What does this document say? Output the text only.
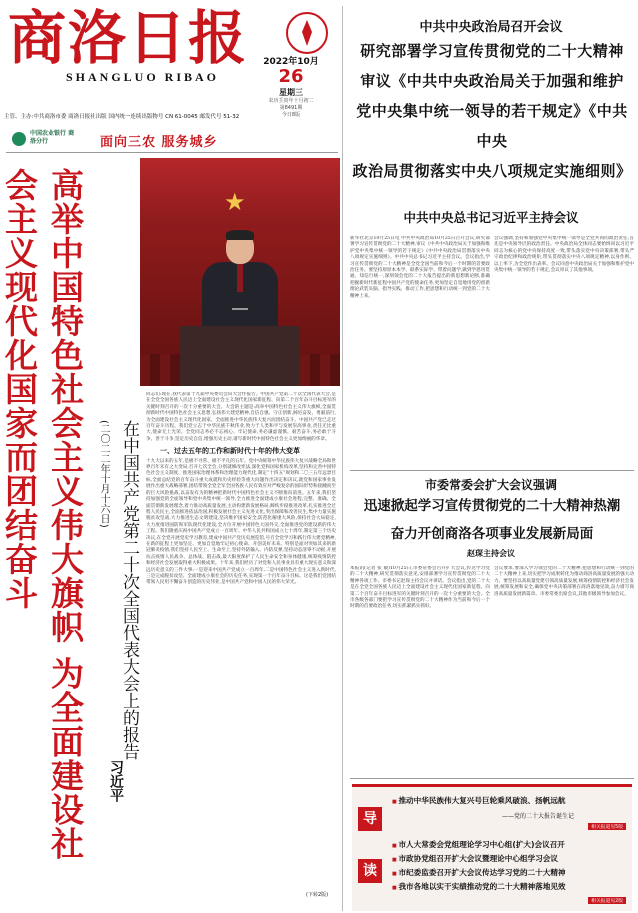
商洛日报
SHANGLUO RIBAO
2022年10月
26
星期三
农历壬寅年十月初二
第8491期
今日8版
主管、主办:中共商洛市委 商洛日报社出版 国内统一连续出版物号 CN 61-0045 邮发代号 51-32
中国农业银行 商洛分行	面向三农 服务城乡
高举中国特色社会主义伟大旗帜 为全面建设社会主义现代化国家而团结奋斗	在中国共产党第二十次全国代表大会上的报告
(二〇二二年十月十六日)
习近平
★
同志们:现在,我代表第十九届中央委员会向大会作报告。中国共产党第二十次全国代表大会,是在全党全国各族人民迈上全面建设社会主义现代化国家新征程、向第二个百年奋斗目标进军的关键时刻召开的一次十分重要的大会。大会的主题是:高举中国特色社会主义伟大旗帜,全面贯彻新时代中国特色社会主义思想,弘扬伟大建党精神,自信自强、守正创新,踔厉奋发、勇毅前行,为全面建设社会主义现代化国家、全面推进中华民族伟大复兴而团结奋斗。中国共产党已走过百年奋斗历程。我们党立志于中华民族千秋伟业,致力于人类和平与发展崇高事业,责任无比重大,使命无上光荣。全党同志务必不忘初心、牢记使命,务必谦虚谨慎、艰苦奋斗,务必敢于斗争、善于斗争,坚定历史自信,增强历史主动,谱写新时代中国特色社会主义更加绚丽的华章。
一、过去五年的工作和新时代十年的伟大变革
十九大以来的五年,是极不寻常、极不平凡的五年。党中央统筹中华民族伟大复兴战略全局和世界百年未有之大变局,召开七次全会,分别就修改宪法,深化党和国家机构改革,坚持和完善中国特色社会主义制度、推进国家治理体系和治理能力现代化,制定“十四五”规划和二〇三五年远景目标,全面总结党的百年奋斗重大成就和历史经验等重大问题作出决定和决议,就党和国家事业发展作出重大战略部署,团结带领全党全军全国各族人民有效应对严峻复杂的国际形势和接踵而至的巨大风险挑战,以奋发有为的精神把新时代中国特色社会主义不断推向前进。五年来,我们坚持加强党的全面领导和党中央集中统一领导,全力推进全面建成小康社会进程,完整、准确、全面贯彻新发展理念,着力推动高质量发展,主动构建新发展格局,蹄疾步稳推进改革,扎实推进全过程人民民主,全面推进依法治国,积极发展社会主义先进文化,突出保障和改善民生,集中力量实施脱贫攻坚战,大力推进生态文明建设,坚决维护国家安全,防范化解重大风险,保持社会大局稳定,大力度推进国防和军队现代化建设,全方位开展中国特色大国外交,全面推进党的建设新的伟大工程。我们隆重庆祝中国共产党成立一百周年、中华人民共和国成立七十周年,制定第三个历史决议,在全党开展党史学习教育,建成中国共产党历史展览馆,号召全党学习和践行伟大建党精神,在新的征程上更加坚定、更加自觉地牢记初心使命、开创美好未来。特别是面对突如其来的新冠肺炎疫情,我们坚持人民至上、生命至上,坚持外防输入、内防反弹,坚持动态清零不动摇,开展抗击疫情人民战争、总体战、阻击战,最大限度保护了人民生命安全和身体健康,统筹疫情防控和经济社会发展取得重大积极成果。十年来,我们经历了对党和人民事业具有重大现实意义和深远历史意义的三件大事:一是迎来中国共产党成立一百周年,二是中国特色社会主义进入新时代,三是完成脱贫攻坚、全面建成小康社会的历史任务,实现第一个百年奋斗目标。这是我们党团结带领人民用不懈奋斗创造的历史伟业,是中国共产党和中国人民的伟大荣光。
(下转2版)
中共中央政治局召开会议
研究部署学习宣传贯彻党的二十大精神
审议《中共中央政治局关于加强和维护
党中央集中统一领导的若干规定》《中共中央
政治局贯彻落实中央八项规定实施细则》
中共中央总书记习近平主持会议
新华社北京10月25日电 中共中央政治局10月25日召开会议,研究部署学习宣传贯彻党的二十大精神,审议《中共中央政治局关于加强和维护党中央集中统一领导的若干规定》《中共中央政治局贯彻落实中央八项规定实施细则》。中共中央总书记习近平主持会议。会议指出,学习宣传贯彻党的二十大精神是全党全国当前和今后一个时期的首要政治任务。要坚持原原本本学、联系实际学、带着问题学,做到学思用贯通、知信行统一,深刻领会党的二十大报告提出的新思想新论断,准确把握新时代新征程中国共产党的使命任务,更加坚定自觉地用党的创新理论武装头脑、指导实践、推动工作,把思想和行动统一到党的二十大精神上来。
会议强调,坚持和加强党中央集中统一领导是全党共同的政治责任,首先是中央领导层的政治责任。中央政治局全体同志要始终同以习近平同志为核心的党中央保持高度一致,带头落实党中央决策部署,带头严守政治纪律和政治规矩,带头贯彻落实中央八项规定精神,以身作则、以上率下,为全党作出表率。会议同意中央政治局关于加强和维护党中央集中统一领导的若干规定,会议审议了其他事项。
市委常委会扩大会议强调
迅速掀起学习宣传贯彻党的二十大精神热潮
奋力开创商洛各项事业发展新局面
赵琛主持会议
本报讯(记者 张 敏)10月25日,市委常委会召开扩大会议,传达学习党的二十大精神,研究贯彻落实意见,安排部署学习宣传贯彻党的二十大精神各项工作。市委书记赵琛主持会议并讲话。会议指出,党的二十大是在全党全国各族人民迈上全面建设社会主义现代化国家新征程、向第二个百年奋斗目标进军的关键时刻召开的一次十分重要的大会。全市各级各部门要把学习宣传贯彻党的二十大精神作为当前和今后一个时期的首要政治任务,切实抓紧抓实抓好。
会议要求,要深入学习领会党的二十大精神,把思想和行动统一到党的二十大精神上来,切实把学习成果转化为推动商洛高质量发展的强大动力。要坚持以高质量党建引领高质量发展,统筹疫情防控和经济社会发展,统筹发展和安全,确保党中央决策部署在商洛落地见效,奋力谱写商洛高质量发展新篇章。市委常委出席会议,其他市级领导参加会议。
导
读
■ 推动中华民族伟大复兴号巨轮乘风破浪、扬帆远航
——党的二十大报告诞生记
相关报道见5版
■ 市人大常委会党组理论学习中心组(扩大)会议召开
■ 市政协党组召开扩大会议暨理论中心组学习会议
■ 市纪委监委召开扩大会议传达学习党的二十大精神
■ 我市各地以实干实绩推动党的二十大精神落地见效
相关报道见2版
